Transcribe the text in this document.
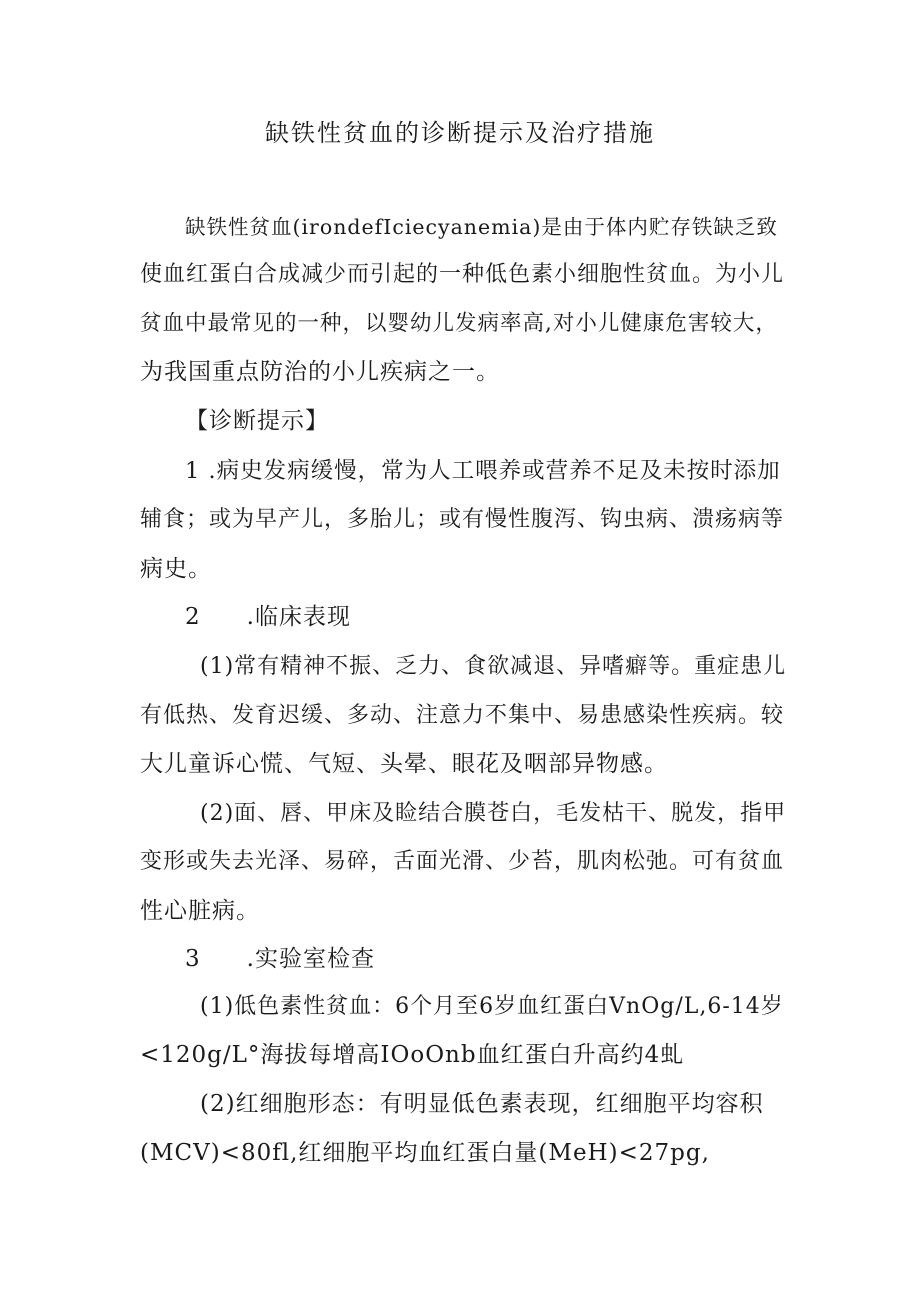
缺铁性贫血的诊断提示及治疗措施

缺铁性贫血(irondefIciecyanemia)是由于体内贮存铁缺乏致

使血红蛋白合成减少而引起的一种低色素小细胞性贫血。为小儿

贫血中最常见的一种，以婴幼儿发病率高,对小儿健康危害较大，

为我国重点防治的小儿疾病之一。

【诊断提示】

1 .病史发病缓慢，常为人工喂养或营养不足及未按时添加

辅食；或为早产儿，多胎儿；或有慢性腹泻、钩虫病、溃疡病等

病史。

2 .临床表现

(1)常有精神不振、乏力、食欲减退、异嗜癖等。重症患儿

有低热、发育迟缓、多动、注意力不集中、易患感染性疾病。较

大儿童诉心慌、气短、头晕、眼花及咽部异物感。

(2)面、唇、甲床及睑结合膜苍白，毛发枯干、脱发，指甲

变形或失去光泽、易碎，舌面光滑、少苔，肌肉松弛。可有贫血

性心脏病。

3 .实验室检查

(1)低色素性贫血：6个月至6岁血红蛋白VnOg/L,6-14岁

<120g∕L°海拔每增高IOoOnb血红蛋白升高约4虬

(2)红细胞形态：有明显低色素表现，红细胞平均容积

(MCV)<80fl,红细胞平均血红蛋白量(MeH)<27pg,
